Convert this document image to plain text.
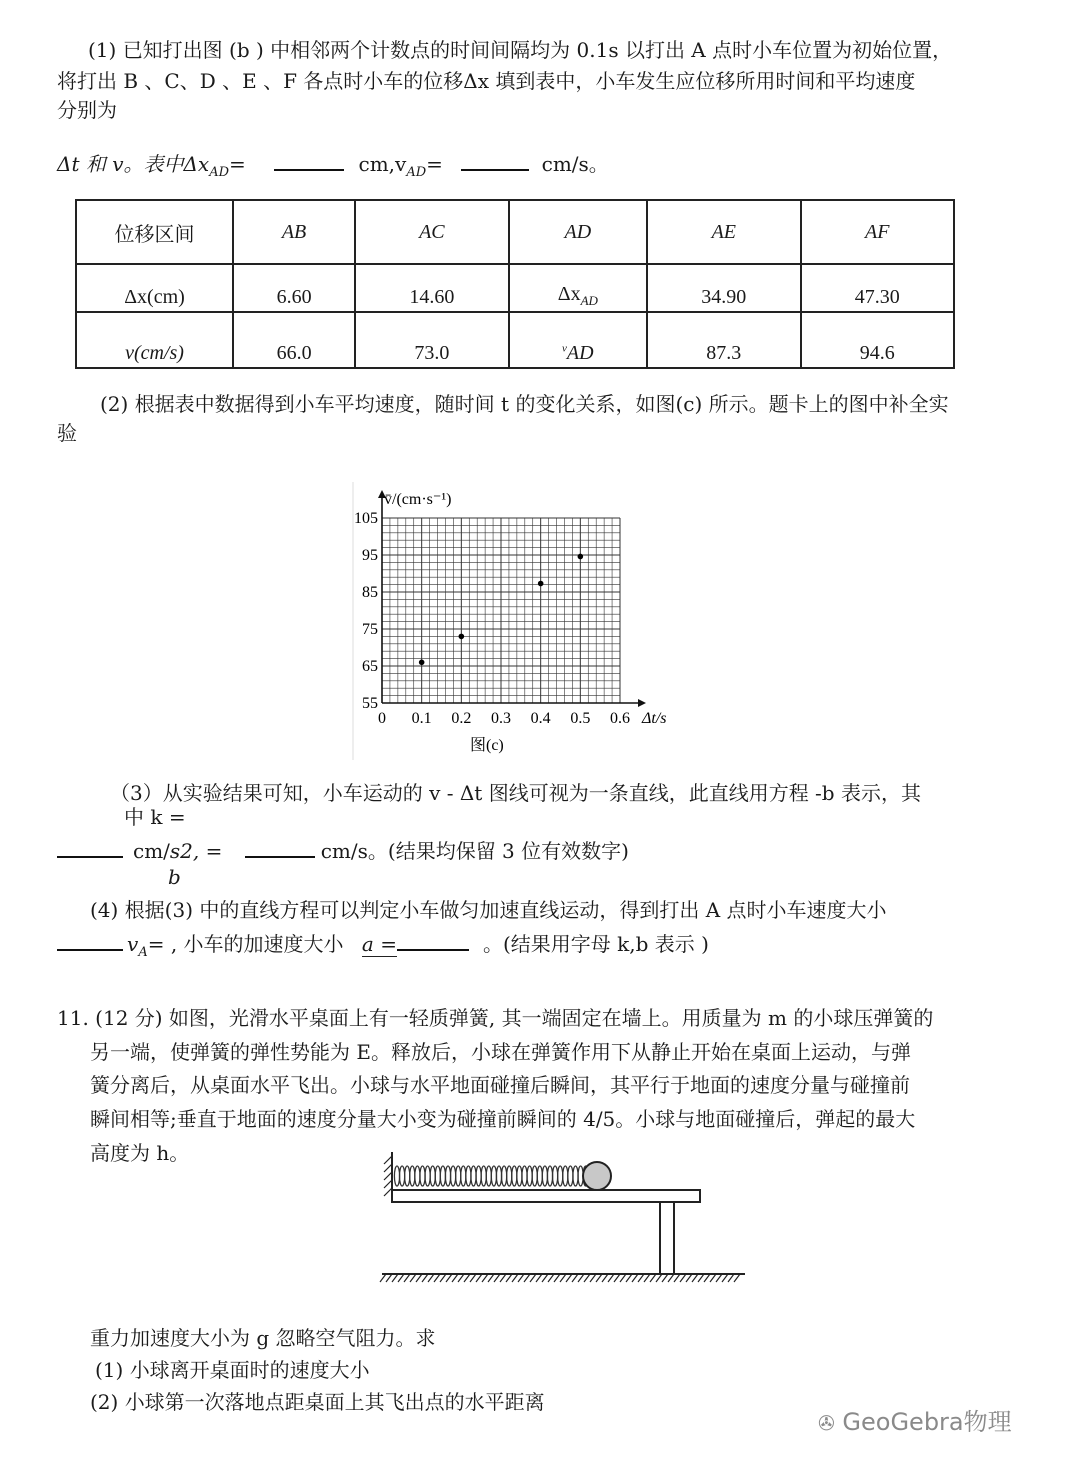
(1) 已知打出图 (b ) 中相邻两个计数点的时间间隔均为 0.1s 以打出 A 点时小车位置为初始位置，
将打出 B 、C、D 、E 、F 各点时小车的位移Δx 填到表中，小车发生应位移所用时间和平均速度
分别为
Δt 和 v。表中$\Delta x_{AD}=$	$cm,v_{AD}=$	cm/s。
位移区间	AB	AC	AD	AE	AF
Δx(cm)	6.60	14.60	$\Delta x_{AD}$	34.90	47.30
v(cm/s)	66.0	73.0	$^v$AD	87.3	94.6
(2) 根据表中数据得到小车平均速度，随时间 t 的变化关系，如图(c) 所示。题卡上的图中补全实
验
0 0.1 0.2 0.3 0.4 0.5 0.6
55
65
75
85
95
105
v̄/(cm·s⁻¹)
Δt/s
图(c)
（3）从实验结果可知，小车运动的 v - Δt 图线可视为一条直线，此直线用方程 -b 表示，其
中 k =
cm/s2, =	cm/s。(结果均保留 3 位有效数字)
b
(4) 根据(3) 中的直线方程可以判定小车做匀加速直线运动，得到打出 A 点时小车速度大小
$v_A=$ , 小车的加速度大小 a =	。(结果用字母 k,b 表示 )
11. (12 分) 如图，光滑水平桌面上有一轻质弹簧, 其一端固定在墙上。用质量为 m 的小球压弹簧的
另一端，使弹簧的弹性势能为 E。释放后，小球在弹簧作用下从静止开始在桌面上运动，与弹
簧分离后，从桌面水平飞出。小球与水平地面碰撞后瞬间，其平行于地面的速度分量与碰撞前
瞬间相等;垂直于地面的速度分量大小变为碰撞前瞬间的 4/5。小球与地面碰撞后，弹起的最大
高度为 h。
重力加速度大小为 g 忽略空气阻力。求
(1) 小球离开桌面时的速度大小
(2) 小球第一次落地点距桌面上其飞出点的水平距离
✇ GeoGebra物理
